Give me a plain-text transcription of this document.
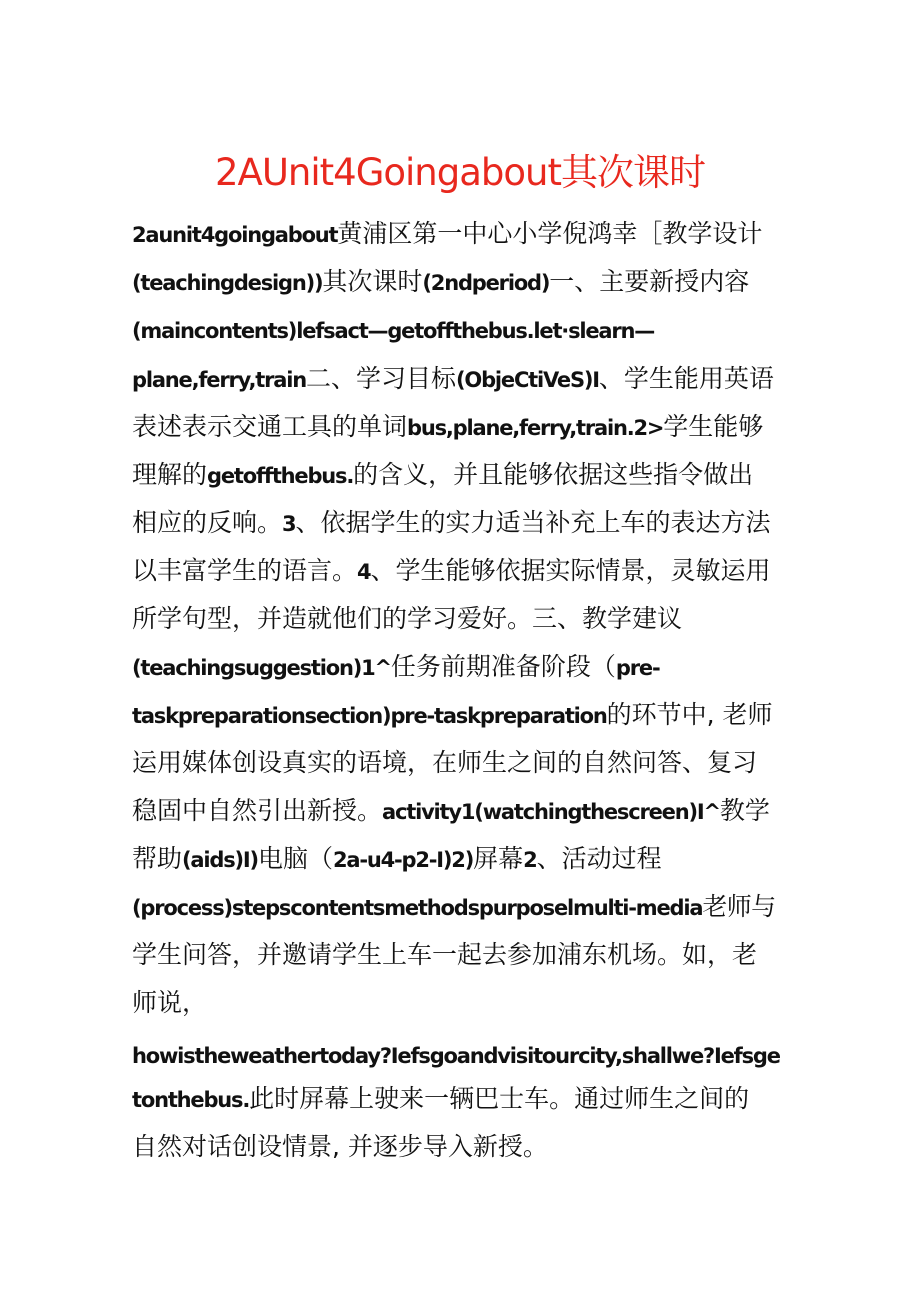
2AUnit4Goingabout其次课时
2aunit4goingabout黄浦区第一中心小学倪鸿幸［教学设计
(teachingdesign))其次课时(2ndperiod)一、主要新授内容
(maincontents)lefsact—getoffthebus.let·slearn—
plane,ferry,train二、学习目标(ObjeCtiVeS)I、学生能用英语
表述表示交通工具的单词bus,plane,ferry,train.2>学生能够
理解的getoffthebus.的含义，并且能够依据这些指令做出
相应的反响。3、依据学生的实力适当补充上车的表达方法
以丰富学生的语言。4、学生能够依据实际情景，灵敏运用
所学句型，并造就他们的学习爱好。三、教学建议
(teachingsuggestion)1^任务前期准备阶段（pre-
taskpreparationsection)pre-taskpreparation的环节中, 老师
运用媒体创设真实的语境，在师生之间的自然问答、复习
稳固中自然引出新授。activity1(watchingthescreen)I^教学
帮助(aids)I)电脑（2a-u4-p2-I)2)屏幕2、活动过程
(process)stepscontentsmethodspurposelmulti-media老师与
学生问答，并邀请学生上车一起去参加浦东机场。如，老
师说，
howistheweathertoday?Iefsgoandvisitourcity,shallwe?Iefsge
tonthebus.此时屏幕上驶来一辆巴士车。通过师生之间的
自然对话创设情景, 并逐步导入新授。
